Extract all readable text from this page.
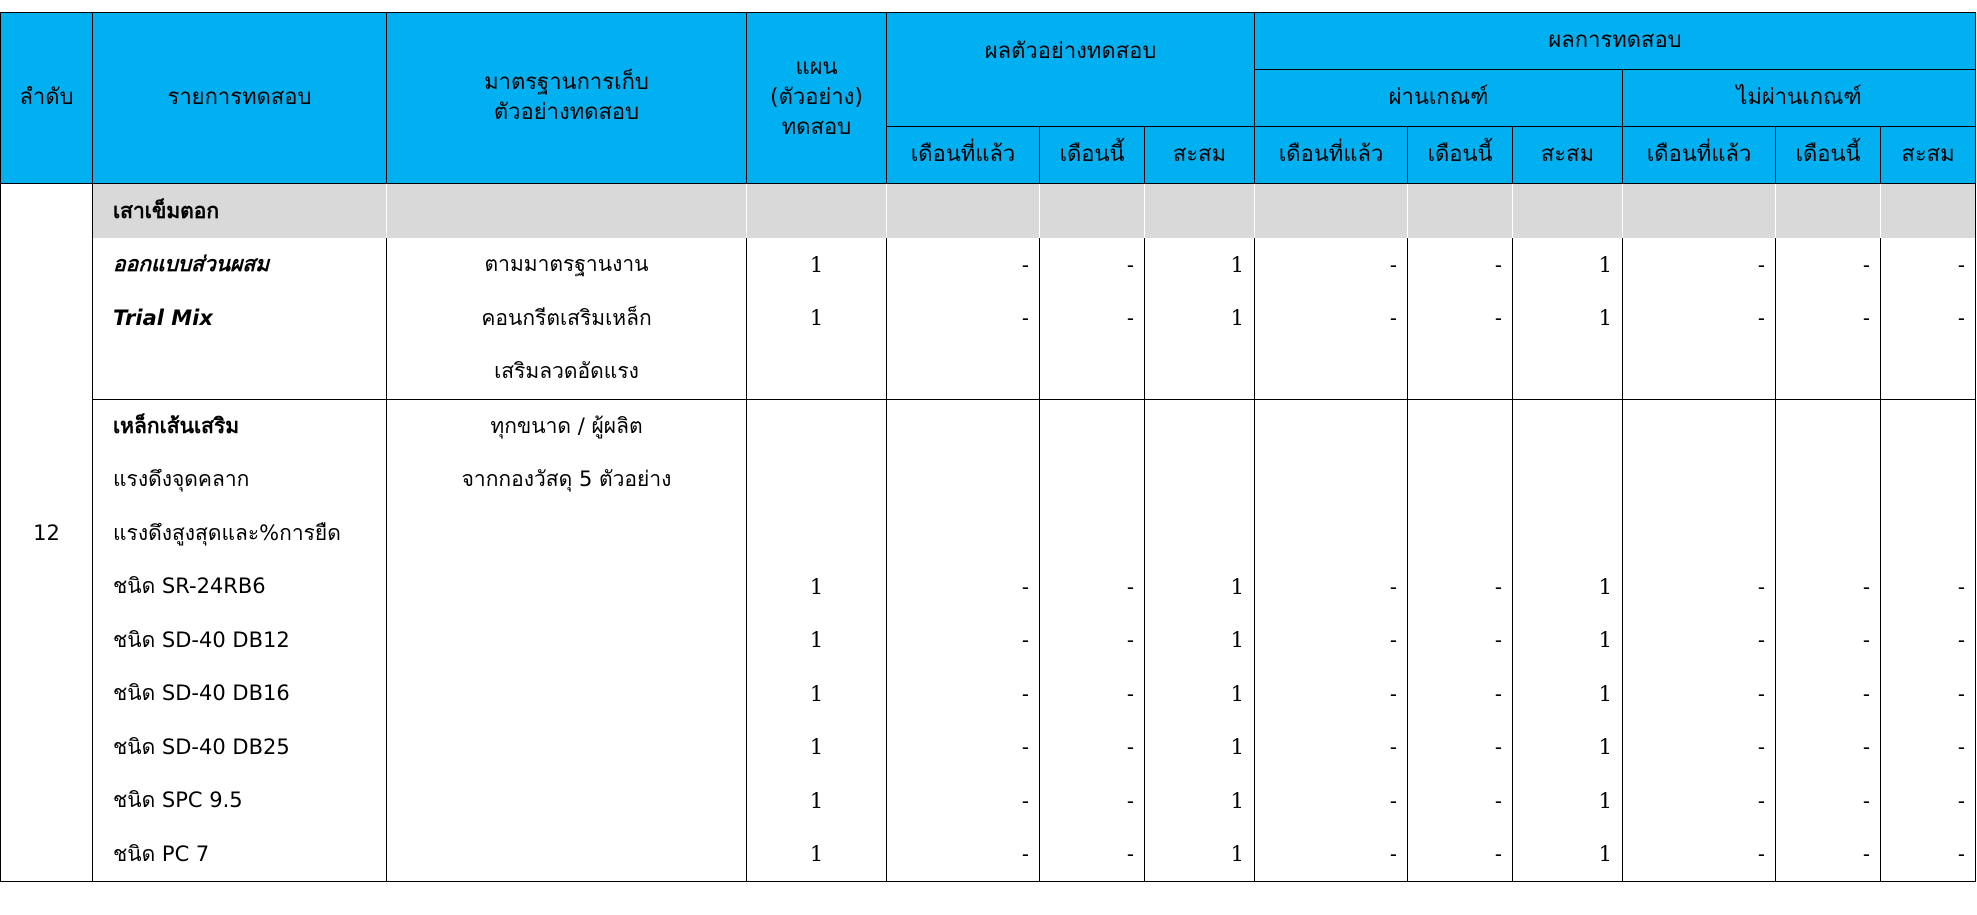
ลำดับ	รายการทดสอบ	มาตรฐานการเก็บตัวอย่างทดสอบ	แผน
(ตัวอย่าง)
ทดสอบ	ผลตัวอย่างทดสอบ			ผลการทดสอบ					
							ผ่านเกณฑ์			ไม่ผ่านเกณฑ์		
				เดือนที่แล้ว	เดือนนี้	สะสม	เดือนที่แล้ว	เดือนนี้	สะสม	เดือนที่แล้ว	เดือนนี้	สะสม
12	เสาเข็มตอก											
	ออกแบบส่วนผสม	ตามมาตรฐานงาน	1	-	-	1	-	-	1	-	-	-
	Trial Mix	คอนกรีตเสริมเหล็ก	1	-	-	1	-	-	1	-	-	-
		เสริมลวดอัดแรง										
	เหล็กเส้นเสริม	ทุกขนาด / ผู้ผลิต										
	แรงดึงจุดคลาก	จากกองวัสดุ 5 ตัวอย่าง										
	แรงดึงสูงสุดและ%การยืด											
	ชนิด SR-24RB6		1	-	-	1	-	-	1	-	-	-
	ชนิด SD-40 DB12		1	-	-	1	-	-	1	-	-	-
	ชนิด SD-40 DB16		1	-	-	1	-	-	1	-	-	-
	ชนิด SD-40 DB25		1	-	-	1	-	-	1	-	-	-
	ชนิด SPC 9.5		1	-	-	1	-	-	1	-	-	-
	ชนิด PC 7		1	-	-	1	-	-	1	-	-	-
